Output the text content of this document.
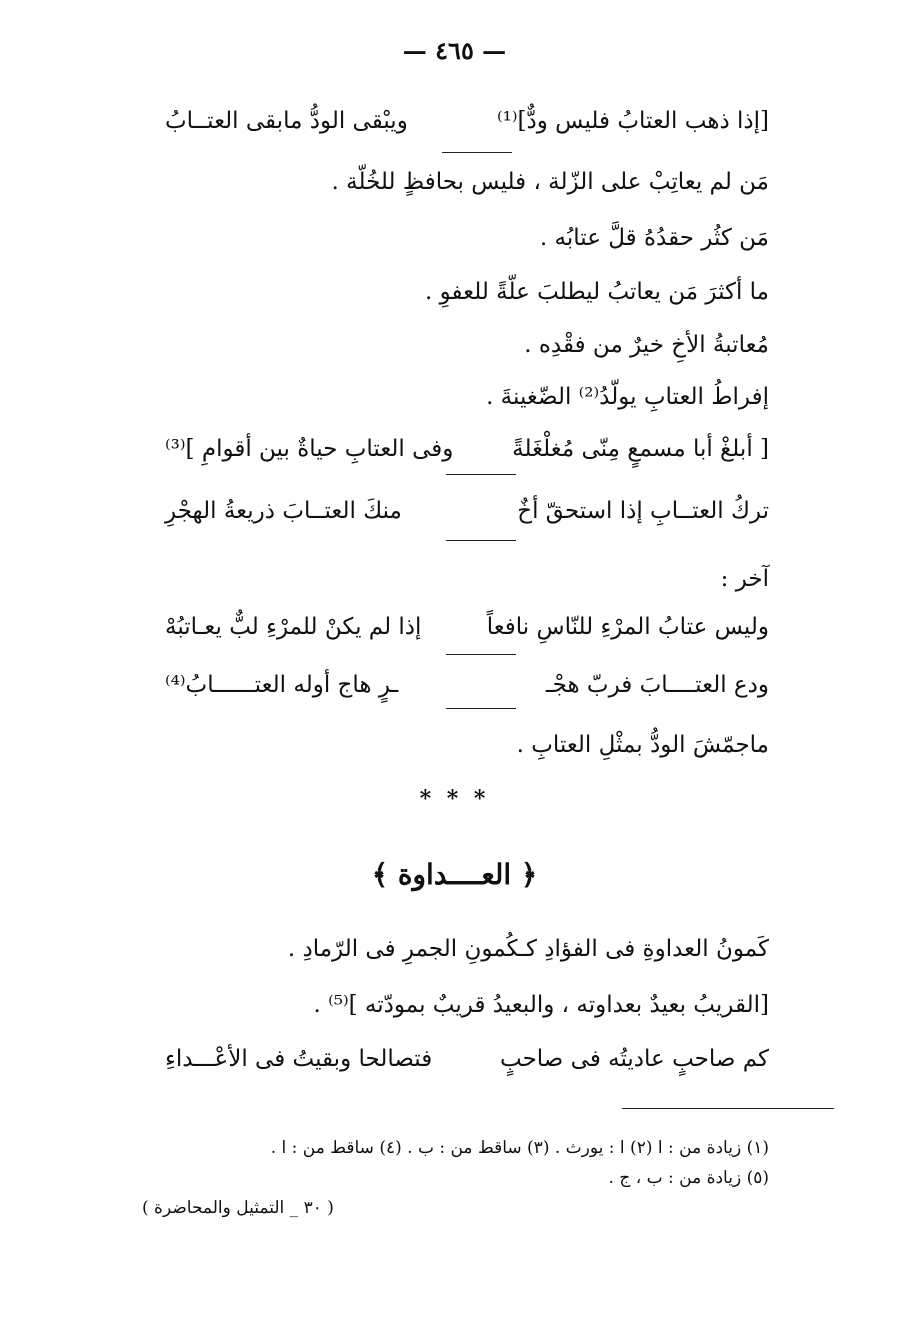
— ٤٦٥ —
[إذا ذهب العتابُ فليس ودٌّ]⁽¹⁾
ويبْقى الودُّ مابقى العتــابُ
مَن لم يعاتِبْ على الزّلة ، فليس بحافظٍ للخُلّة .
مَن كثُر حقدُهُ قلَّ عتابُه .
ما أكثرَ مَن يعاتبُ ليطلبَ علّةً للعفوِ .
مُعاتبةُ الأخِ خيرٌ من فقْدِه .
إفراطُ العتابِ يولّدُ⁽²⁾ الضّغينةَ .
[ أبلغْ أبا مسمعٍ مِنّى مُغلْغَلةً
وفى العتابِ حياةٌ بين أقوامِ ]⁽³⁾
تركُ العتــابِ إذا استحقّ أخٌ
منكَ العتــابَ ذريعةُ الهجْرِ
آخر :
وليس عتابُ المرْءِ للنّاسِ نافعاً
إذا لم يكنْ للمرْءِ لبٌّ يعـاتبُهْ
ودع العتــــابَ فربّ هجْـ
ـرٍ هاج أوله العتــــــابُ⁽⁴⁾
ماجمّشَ الودُّ بمثْلِ العتابِ .
* * *
﴿ العــــداوة ﴾
كَمونُ العداوةِ فى الفؤادِ كـكُمونِ الجمرِ فى الرّمادِ .
[القريبُ بعيدٌ بعداوته ، والبعيدُ قريبٌ بمودّته ]⁽⁵⁾ .
كم صاحبٍ عاديتُه فى صاحبٍ
فتصالحا وبقيتُ فى الأعْـــداءِ
(١) زيادة من : ا (٢) ا : يورث . (٣) ساقط من : ب . (٤) ساقط من : ا .
(٥) زيادة من : ب ، ج .
( ٣٠ _ التمثيل والمحاضرة )
